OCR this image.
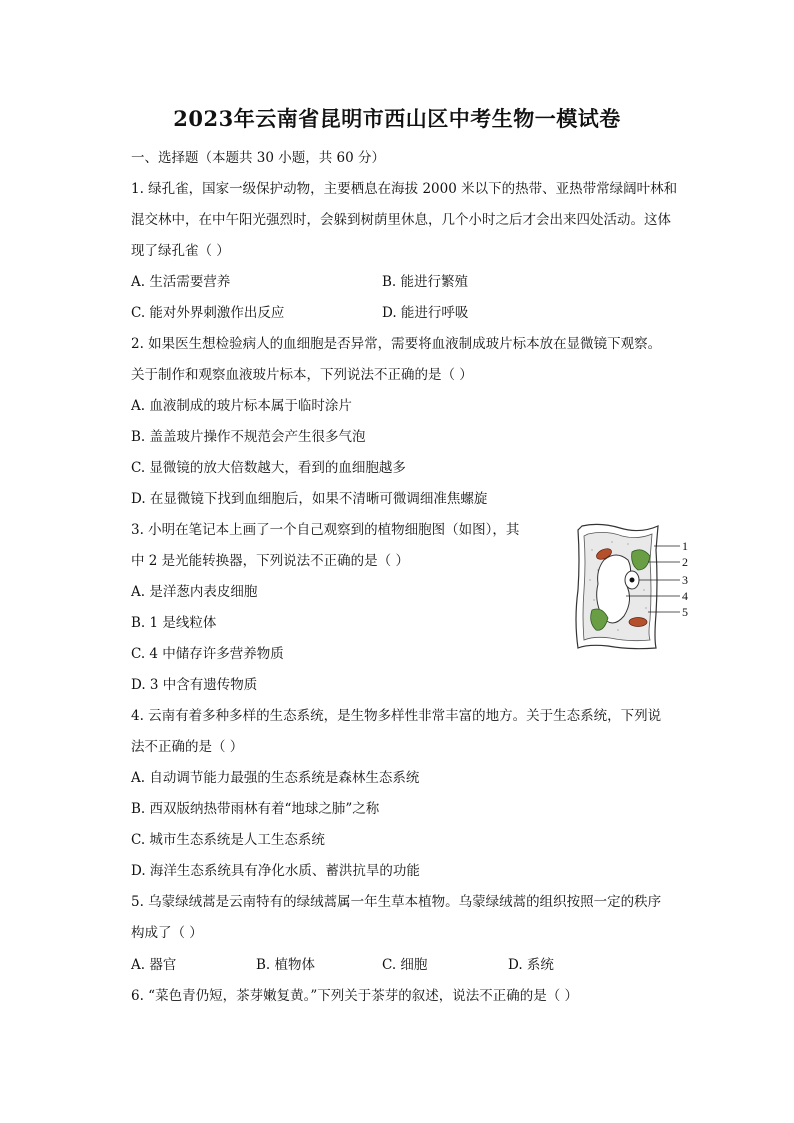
2023年云南省昆明市西山区中考生物一模试卷
一、选择题（本题共 30 小题，共 60 分）
1. 绿孔雀，国家一级保护动物，主要栖息在海拔 2000 米以下的热带、亚热带常绿阔叶林和
混交林中，在中午阳光强烈时，会躲到树荫里休息，几个小时之后才会出来四处活动。这体
现了绿孔雀（ ）
A. 生活需要营养	B. 能进行繁殖
C. 能对外界刺激作出反应	D. 能进行呼吸
2. 如果医生想检验病人的血细胞是否异常，需要将血液制成玻片标本放在显微镜下观察。
关于制作和观察血液玻片标本，下列说法不正确的是（ ）
A. 血液制成的玻片标本属于临时涂片
B. 盖盖玻片操作不规范会产生很多气泡
C. 显微镜的放大倍数越大，看到的血细胞越多
D. 在显微镜下找到血细胞后，如果不清晰可微调细准焦螺旋
3. 小明在笔记本上画了一个自己观察到的植物细胞图（如图），其
中 2 是光能转换器，下列说法不正确的是（ ）
A. 是洋葱内表皮细胞
B. 1 是线粒体
C. 4 中储存许多营养物质
D. 3 中含有遗传物质
1
2
3
4
5
4. 云南有着多种多样的生态系统，是生物多样性非常丰富的地方。关于生态系统，下列说
法不正确的是（ ）
A. 自动调节能力最强的生态系统是森林生态系统
B. 西双版纳热带雨林有着“地球之肺”之称
C. 城市生态系统是人工生态系统
D. 海洋生态系统具有净化水质、蓄洪抗旱的功能
5. 乌蒙绿绒蒿是云南特有的绿绒蒿属一年生草本植物。乌蒙绿绒蒿的组织按照一定的秩序
构成了（ ）
A. 器官	B. 植物体	C. 细胞	D. 系统
6. “菜色青仍短，茶芽嫩复黄。”下列关于茶芽的叙述，说法不正确的是（ ）
